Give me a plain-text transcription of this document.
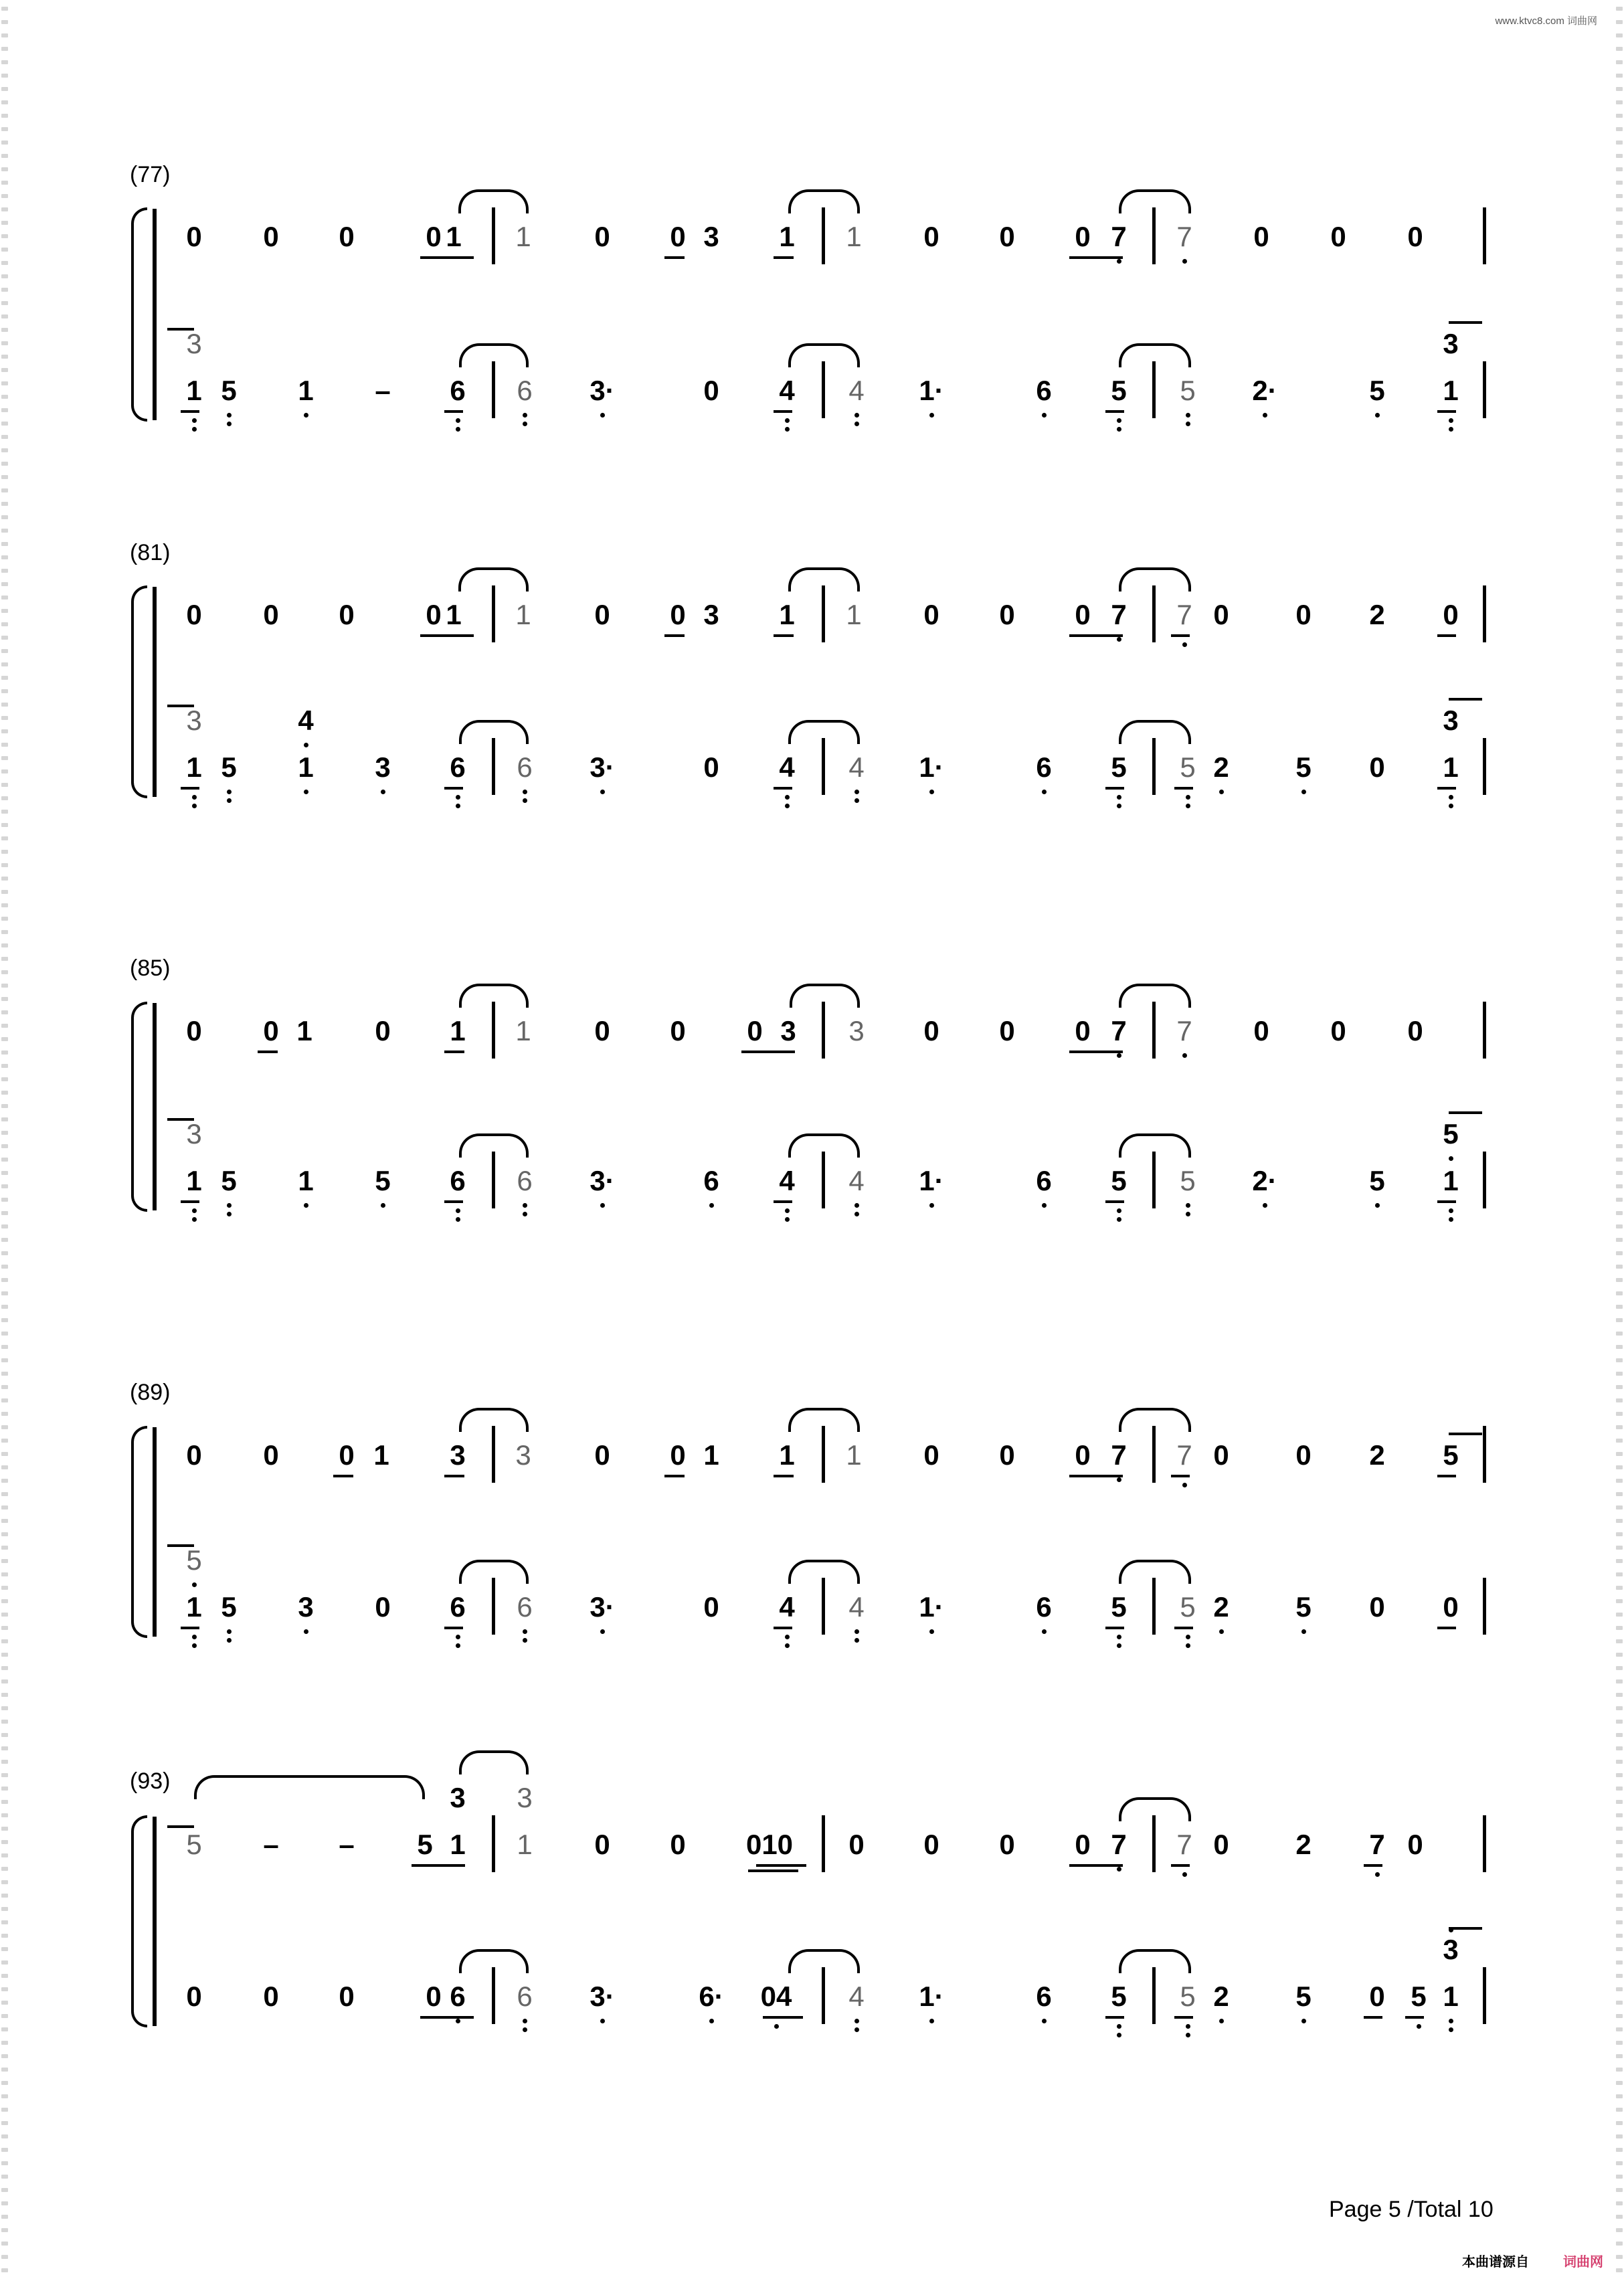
www.ktvc8.com 词曲网
(77)
(81)
(85)
(89)
(93)
0 0 0	0 1 1 0 0 3 1 1 0 0 0 7 7 0 0 0
3
1 5 1 – 6 6 3·	0 4 4 1·	6 5 5 2·	5
3
1
0 0 0	0 1 1 0 0 3 1 1 0 0 0 7 7 0 0 2 0
3
1 5
4
1 3 6 6 3·	0 4 4 1·	6 5 5 2 5 0
3
1
0 0 1 0 1 1 0 0 0 3 3 0 0 0 7 7 0 0 0
3
1 5 1 5 6 6 3·	6 4 4 1·	6 5 5 2·	5
5
1
0 0 0 1 3 3 0 0 1 1 1 0 0 0 7 7 0 0 2 5
5
1 5 3 0 6 6 3·	0 4 4 1·	6 5 5 2 5 0 0
5 – – 5
3
1
3
1 0 0 010 0 0 0 0 7 7 0 2 7 0
0 0 0	0 6 6 3·	6· 04 4 1·	6 5 5 2 5 0 5
3
1
Page 5 /Total 10
本曲谱源自	词曲网
